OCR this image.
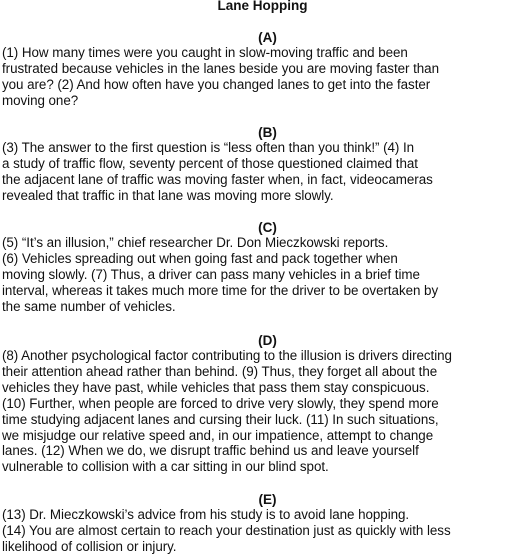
Lane Hopping
(A)

(1) How many times were you caught in slow-moving traffic and been
frustrated because vehicles in the lanes beside you are moving faster than
you are? (2) And how often have you changed lanes to get into the faster
moving one?

(B)

(3) The answer to the first question is “less often than you think!” (4) In
a study of traffic flow, seventy percent of those questioned claimed that
the adjacent lane of traffic was moving faster when, in fact, videocameras
revealed that traffic in that lane was moving more slowly.

(C)

(5) “It’s an illusion,” chief researcher Dr. Don Mieczkowski reports.
(6) Vehicles spreading out when going fast and pack together when
moving slowly. (7) Thus, a driver can pass many vehicles in a brief time
interval, whereas it takes much more time for the driver to be overtaken by
the same number of vehicles.

(D)

(8) Another psychological factor contributing to the illusion is drivers directing
their attention ahead rather than behind. (9) Thus, they forget all about the
vehicles they have past, while vehicles that pass them stay conspicuous.
(10) Further, when people are forced to drive very slowly, they spend more
time studying adjacent lanes and cursing their luck. (11) In such situations,
we misjudge our relative speed and, in our impatience, attempt to change
lanes. (12) When we do, we disrupt traffic behind us and leave yourself
vulnerable to collision with a car sitting in our blind spot.

(E)

(13) Dr. Mieczkowski’s advice from his study is to avoid lane hopping.
(14) You are almost certain to reach your destination just as quickly with less
likelihood of collision or injury.
